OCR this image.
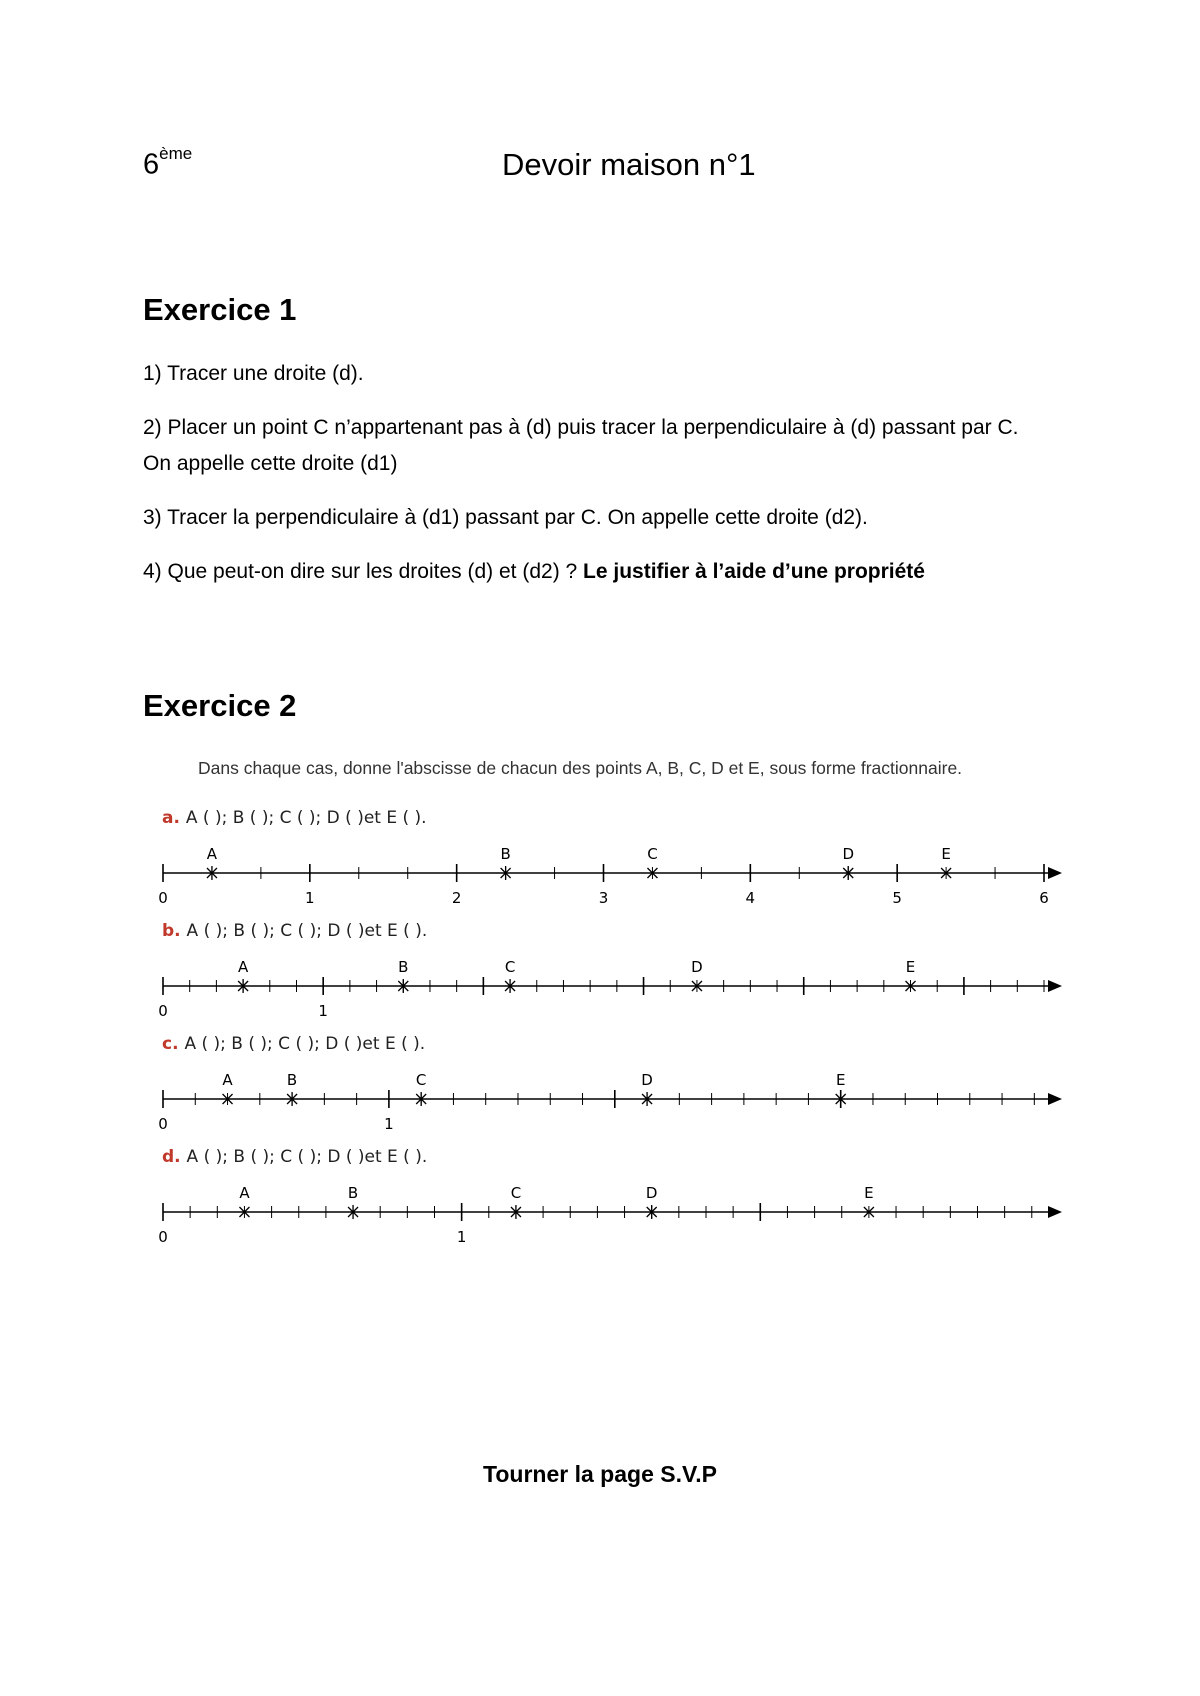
6ème	Devoir maison n°1
Exercice 1
1) Tracer une droite (d).
2) Placer un point C n’appartenant pas à (d) puis tracer la perpendiculaire à (d) passant par C.
On appelle cette droite (d1)
3) Tracer la perpendiculaire à (d1) passant par C. On appelle cette droite (d2).
4) Que peut-on dire sur les droites (d) et (d2) ? Le justifier à l’aide d’une propriété
Exercice 2
Dans chaque cas, donne l'abscisse de chacun des points A, B, C, D et E, sous forme fractionnaire.
a. A ( ); B ( ); C ( ); D ( )et E ( ).
0	1	2	3	4	5	6
A	B	C	D	E
b. A ( ); B ( ); C ( ); D ( )et E ( ).
0	1
A	B	C	D	E
c. A ( ); B ( ); C ( ); D ( )et E ( ).
0	1
A	B	C	D	E
d. A ( ); B ( ); C ( ); D ( )et E ( ).
0	1
A	B	C	D	E
Tourner la page S.V.P
